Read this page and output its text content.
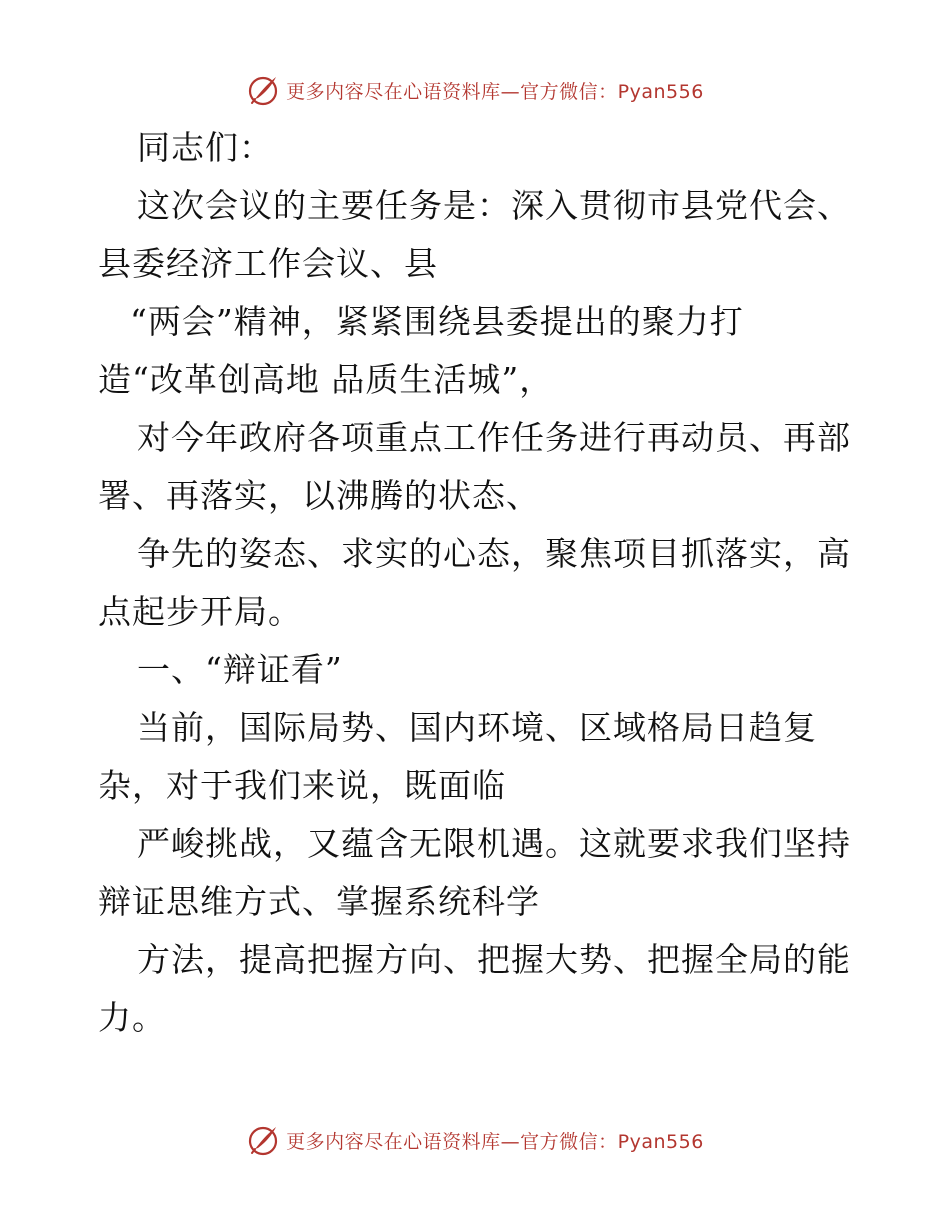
更多内容尽在心语资料库—官方微信：Pyan556
同志们：
这次会议的主要任务是：深入贯彻市县党代会、
县委经济工作会议、县
“两会”精神，紧紧围绕县委提出的聚力打
造“改革创高地 品质生活城”，
对今年政府各项重点工作任务进行再动员、再部
署、再落实，以沸腾的状态、
争先的姿态、求实的心态，聚焦项目抓落实，高
点起步开局。
一、“辩证看”
当前，国际局势、国内环境、区域格局日趋复
杂，对于我们来说，既面临
严峻挑战，又蕴含无限机遇。这就要求我们坚持
辩证思维方式、掌握系统科学
方法，提高把握方向、把握大势、把握全局的能
力。
更多内容尽在心语资料库—官方微信：Pyan556
